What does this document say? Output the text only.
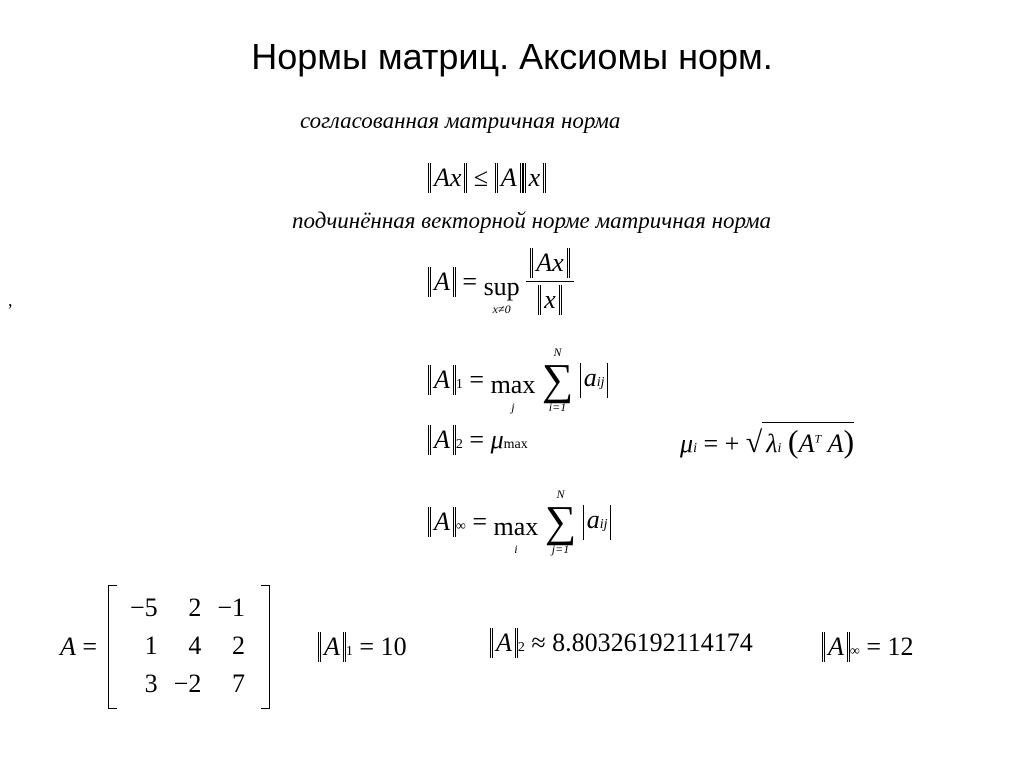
Нормы матриц. Аксиомы норм.
согласованная матричная норма
Ax ≤ A x
подчинённая векторной норме матричная норма
,
A = sup
x≠0
$\frac{Ax}{x}$
A 1 = max
j

N
∑
i=1
aij
A 2 = μmax	μi = + √ λi ($A^T$ A)
A ∞ = max
i

N
∑
j=1
aij
A =
−5	2	−1
1	4	2
3	−2	7
A 1 = 10	A 2 ≈ 8.80326192114174	A ∞ = 12
